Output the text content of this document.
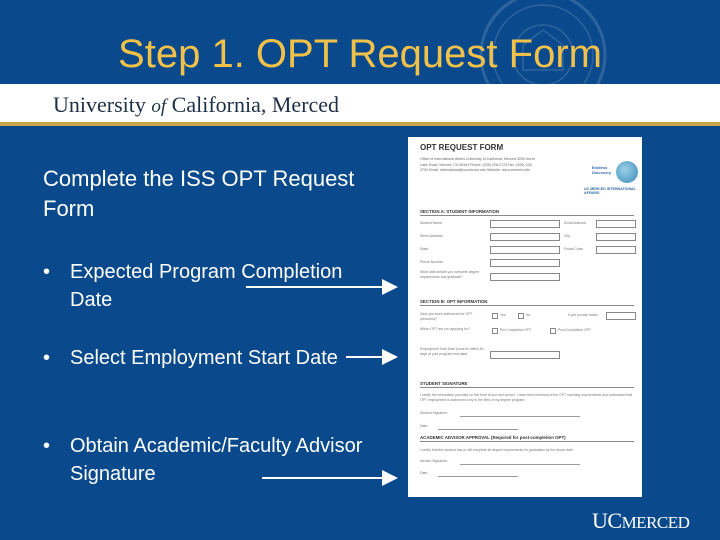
Step 1. OPT Request Form
University of California, Merced
Complete the ISS OPT Request Form
• Expected Program Completion Date
• Select Employment Start Date
• Obtain Academic/Faculty Advisor Signature
OPT REQUEST FORM
Office of International Affairs University of California, Merced 5200 North Lake Road, Merced, CA 95343 Phone: (209) 228-4723 Fax: (209) 228-4700 Email: international@ucmerced.edu Website: iss.ucmerced.edu	Endless Discovery
UC MERCED INTERNATIONAL AFFAIRS
SECTION A: STUDENT INFORMATION
Student Name:	Email Address:
Street Address:	City:
State:	Postal Code:
Phone Number:
What date did/will you complete degree requirements and graduate?
SECTION B: OPT INFORMATION
Have you been authorized for OPT previously?
Yes	No	If yes provide dates:
Which OPT are you applying for?	Pre-Completion OPT	Post-Completion OPT
Employment Start Date (must be within 60 days of your program end date):
STUDENT SIGNATURE
I certify the information provided on this form is true and correct. I have been informed of the OPT reporting requirements and understand that OPT employment is authorized only in the field of my degree program.
Student Signature:
Date:
ACADEMIC ADVISOR APPROVAL (Required for post-completion OPT)
I certify that this student has or will complete all degree requirements for graduation by the above date.
Advisor Signature:
Date:
UCMERCED
